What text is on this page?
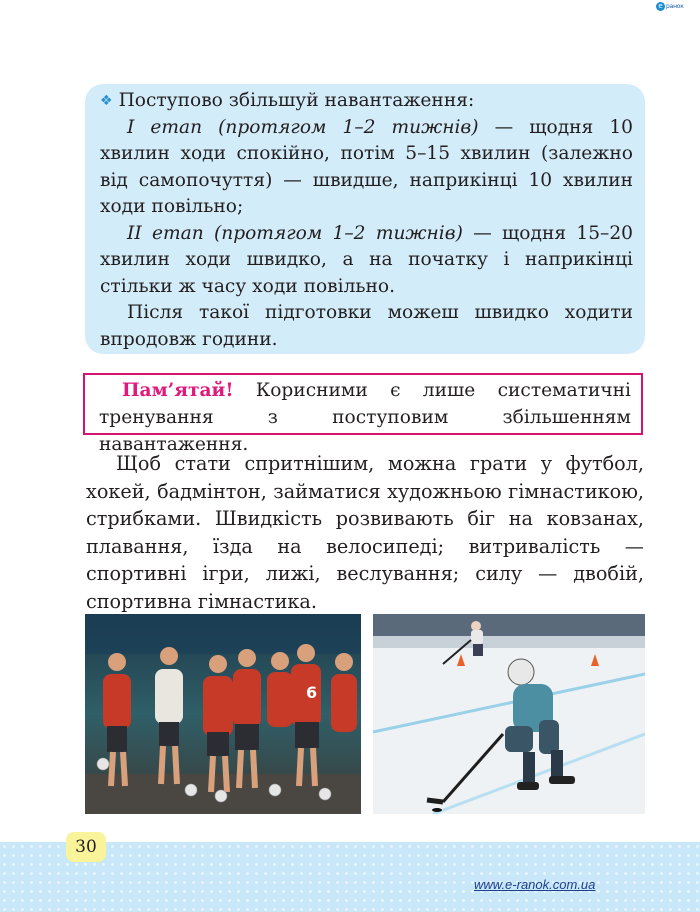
e ранок

❖ Поступово збільшуй навантаження:

I етап (протягом 1–2 тижнів) — щодня 10 хвилин ходи спокійно, потім 5–15 хвилин (залежно від самопочуття) — швидше, наприкінці 10 хвилин ходи повільно;

II етап (протягом 1–2 тижнів) — щодня 15–20 хвилин ходи швидко, а на початку і наприкінці стільки ж часу ходи повільно.

Після такої підготовки можеш швидко ходити впродовж години.

Пам’ятай! Корисними є лише систематичні тренування з поступовим збільшенням навантаження.

Щоб стати спритнішим, можна грати у футбол, хокей, бадмінтон, займатися художньою гімнастикою, стрибками. Швидкість розвивають біг на ковзанах, плавання, їзда на велосипеді; витривалість — спортивні ігри, лижі, веслування; силу — двобій, спортивна гімнастика.

6
30
www.e-ranok.com.ua
